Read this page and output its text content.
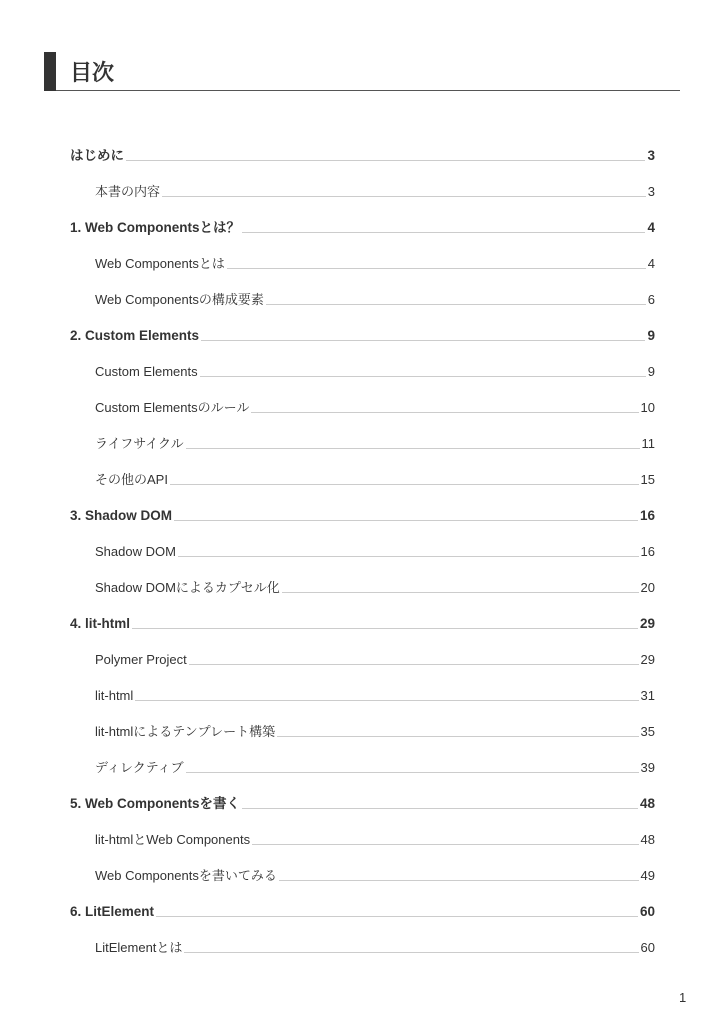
目次
はじめに	3
本書の内容	3
1. Web Componentsとは？	4
Web Componentsとは	4
Web Componentsの構成要素	6
2. Custom Elements	9
Custom Elements	9
Custom Elementsのルール	10
ライフサイクル	11
その他のAPI	15
3. Shadow DOM	16
Shadow DOM	16
Shadow DOMによるカプセル化	20
4. lit-html	29
Polymer Project	29
lit-html	31
lit-htmlによるテンプレート構築	35
ディレクティブ	39
5. Web Componentsを書く	48
lit-htmlとWeb Components	48
Web Componentsを書いてみる	49
6. LitElement	60
LitElementとは	60
1
